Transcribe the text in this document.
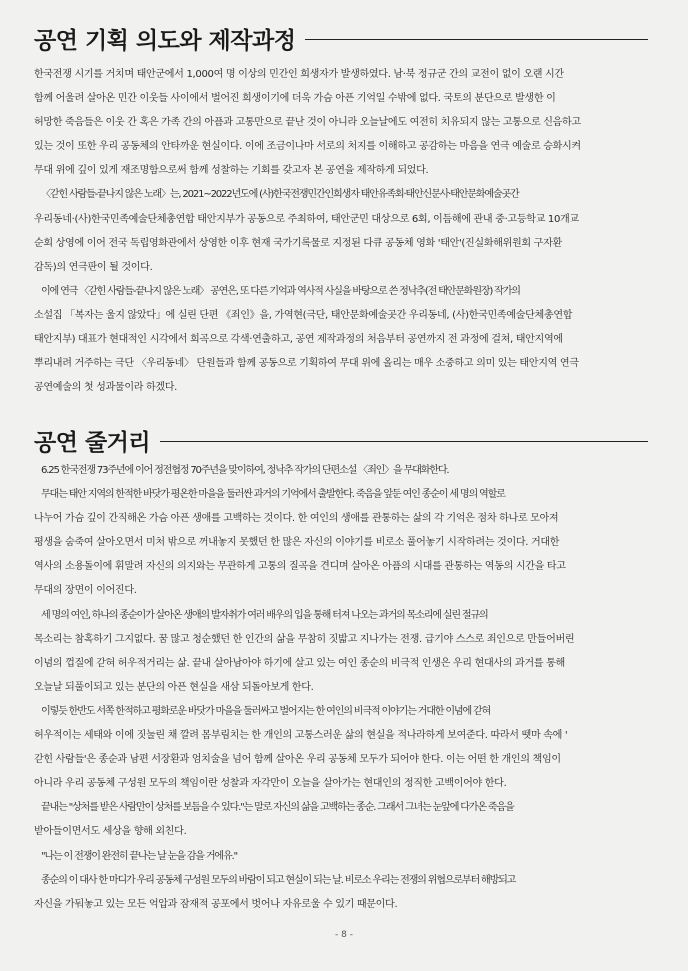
공연 기획 의도와 제작과정

한국전쟁 시기를 거치며 태안군에서 1,000여 명 이상의 민간인 희생자가 발생하였다. 남·북 정규군 간의 교전이 없이 오랜 시간

함께 어울려 살아온 민간 이웃들 사이에서 벌어진 희생이기에 더욱 가슴 아픈 기억일 수밖에 없다. 국토의 분단으로 발생한 이

허망한 죽음들은 이웃 간 혹은 가족 간의 아픔과 고통만으로 끝난 것이 아니라 오늘날에도 여전히 치유되지 않는 고통으로 신음하고

있는 것이 또한 우리 공동체의 안타까운 현실이다. 이에 조금이나마 서로의 처지를 이해하고 공감하는 마음을 연극 예술로 승화시켜

무대 위에 깊이 있게 재조명함으로써 함께 성찰하는 기회를 갖고자 본 공연을 제작하게 되었다.

〈갇힌 사람들-끝나지 않은 노래〉는, 2021~2022년도에 (사)한국전쟁민간인희생자 태안유족회·태안신문사·태안문화예술곳간

우리동네·(사)한국민족예술단체총연합 태안지부가 공동으로 주최하여, 태안군민 대상으로 6회, 이듬해에 관내 중·고등학교 10개교

순회 상영에 이어 전국 독립영화관에서 상영한 이후 현재 국가기록물로 지정된 다큐 공동체 영화 '태안'(진실화해위원회 구자환

감독)의 연극판이 될 것이다.

이에 연극 〈갇힌 사람들-끝나지 않은 노래〉 공연은, 또 다른 기억과 역사적 사실을 바탕으로 쓴 정낙추(전 태안문화원장) 작가의

소설집 「복자는 울지 않았다」에 실린 단편 《죄인》을, 가역현(극단, 태안문화예술곳간 우리동네, (사)한국민족예술단체총연합

태안지부) 대표가 현대적인 시각에서 희곡으로 각색·연출하고, 공연 제작과정의 처음부터 공연까지 전 과정에 걸쳐, 태안지역에

뿌리내려 거주하는 극단 〈우리동네〉 단원들과 함께 공동으로 기획하여 무대 위에 올리는 매우 소중하고 의미 있는 태안지역 연극

공연예술의 첫 성과물이라 하겠다.

공연 줄거리

6.25 한국전쟁 73주년에 이어 정전협정 70주년을 맞이하여, 정낙추 작가의 단편소설 〈죄인〉을 무대화한다.

무대는 태안 지역의 한적한 바닷가 평온한 마을을 둘러싼 과거의 기억에서 출발한다. 죽음을 앞둔 여인 종순이 세 명의 역할로

나누어 가슴 깊이 간직해온 가슴 아픈 생애를 고백하는 것이다. 한 여인의 생애를 관통하는 삶의 각 기억은 점차 하나로 모아져

평생을 숨죽여 살아오면서 미처 밖으로 꺼내놓지 못했던 한 많은 자신의 이야기를 비로소 풀어놓기 시작하려는 것이다. 거대한

역사의 소용돌이에 휘말려 자신의 의지와는 무관하게 고통의 질곡을 견디며 살아온 아픔의 시대를 관통하는 역동의 시간을 타고

무대의 장면이 이어진다.

세 명의 여인, 하나의 종순이가 살아온 생애의 발자취가 여러 배우의 입을 통해 터져 나오는 과거의 목소리에 실린 절규의

목소리는 참혹하기 그지없다. 꿈 많고 청순했던 한 인간의 삶을 무참히 짓밟고 지나가는 전쟁. 급기야 스스로 죄인으로 만들어버린

이념의 껍질에 갇혀 허우적거리는 삶. 끝내 살아남아야 하기에 살고 있는 여인 종순의 비극적 인생은 우리 현대사의 과거를 통해

오늘날 되풀이되고 있는 분단의 아픈 현실을 새삼 되돌아보게 한다.

이렇듯 한반도 서쪽 한적하고 평화로운 바닷가 마을을 둘러싸고 벌어지는 한 여인의 비극적 이야기는 거대한 이념에 갇혀

허우적이는 세태와 이에 짓눌린 채 깔려 몸부림치는 한 개인의 고통스러운 삶의 현실을 적나라하게 보여준다. 따라서 뗏마 속에 '

갇힌 사람들'은 종순과 남편 서장환과 엄치술을 넘어 함께 살아온 우리 공동체 모두가 되어야 한다. 이는 어떤 한 개인의 책임이

아니라 우리 공동체 구성원 모두의 책임이란 성찰과 자각만이 오늘을 살아가는 현대인의 정직한 고백이어야 한다.

끝내는 "상처를 받은 사람만이 상처를 보듬을 수 있다."는 말로 자신의 삶을 고백하는 종순. 그래서 그녀는 눈앞에 다가온 죽음을

받아들이면서도 세상을 향해 외친다.

"나는 이 전쟁이 완전히 끝나는 날 눈을 감을 거에유."

종순의 이 대사 한 마디가 우리 공동체 구성원 모두의 바람이 되고 현실이 되는 날. 비로소 우리는 전쟁의 위협으로부터 해방되고

자신을 가둬놓고 있는 모든 억압과 잠재적 공포에서 벗어나 자유로울 수 있기 때문이다.

- 8 -
